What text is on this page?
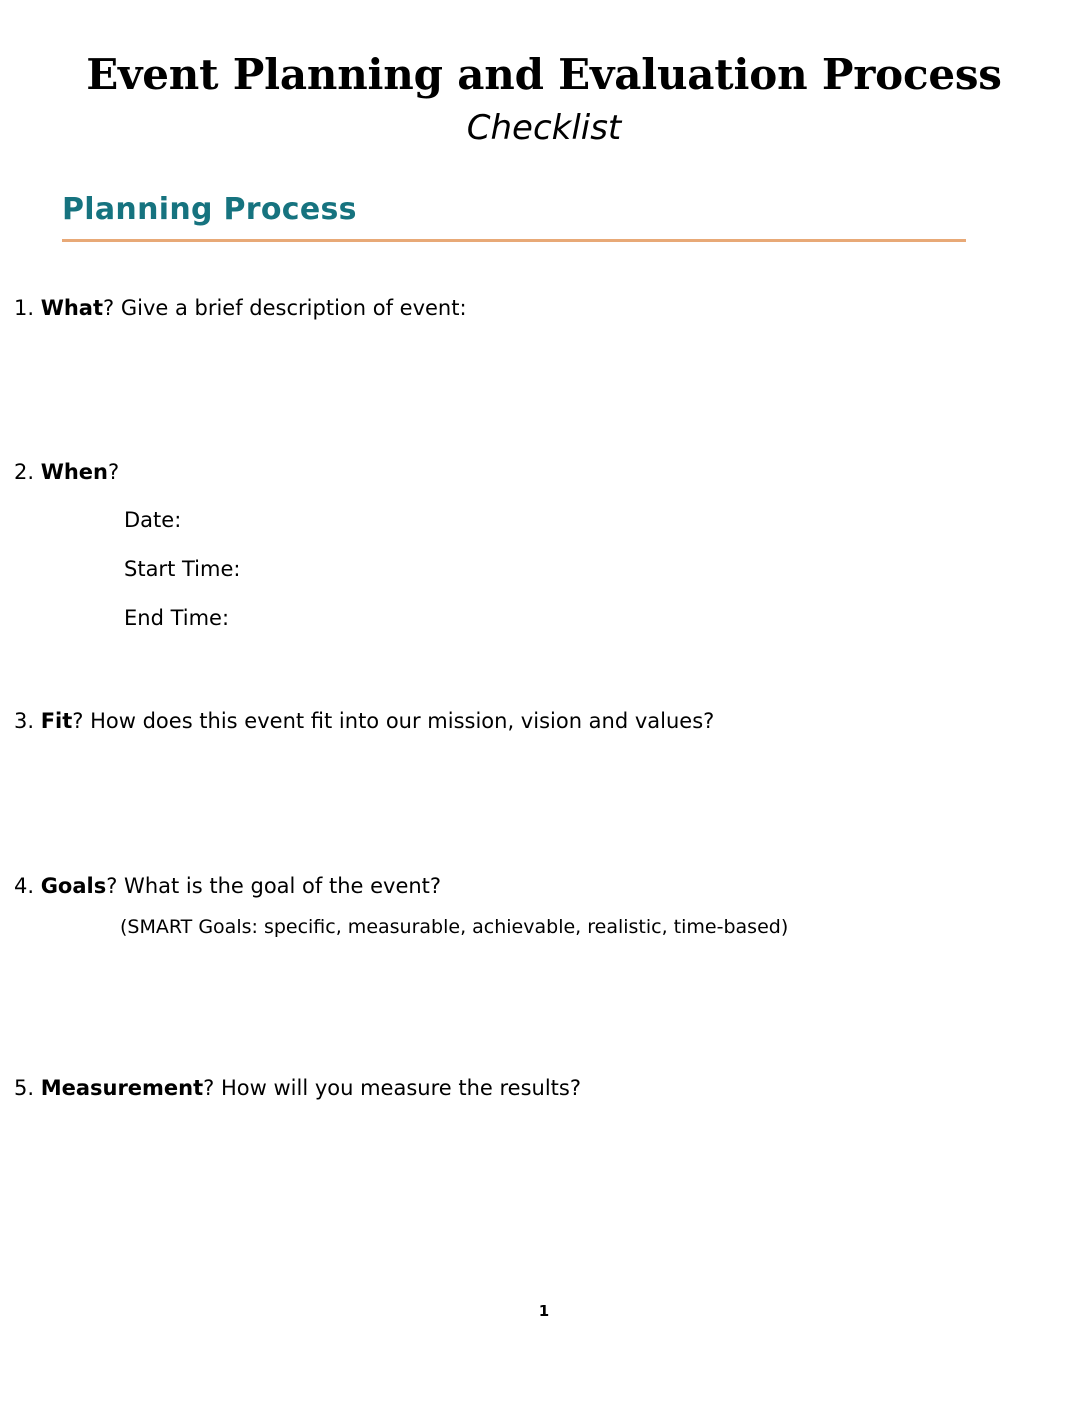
Event Planning and Evaluation Process
Checklist
Planning Process
1. What? Give a brief description of event:
2. When?
Date:
Start Time:
End Time:
3. Fit? How does this event fit into our mission, vision and values?
4. Goals? What is the goal of the event?
(SMART Goals: specific, measurable, achievable, realistic, time-based)
5. Measurement? How will you measure the results?
1
